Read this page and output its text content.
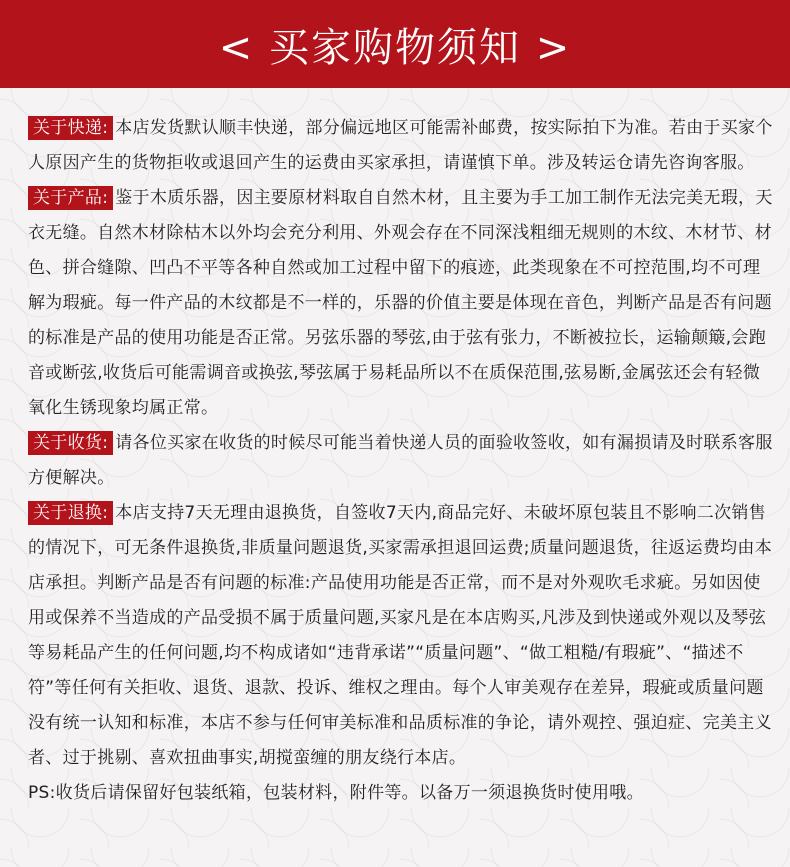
< 买家购物须知 >

关于快递: 本店发货默认顺丰快递，部分偏远地区可能需补邮费，按实际拍下为准。若由于买家个人原因产生的货物拒收或退回产生的运费由买家承担，请谨慎下单。涉及转运仓请先咨询客服。

关于产品: 鉴于木质乐器，因主要原材料取自自然木材，且主要为手工加工制作无法完美无瑕，天衣无缝。自然木材除枯木以外均会充分利用、外观会存在不同深浅粗细无规则的木纹、木材节、材色、拼合缝隙、凹凸不平等各种自然或加工过程中留下的痕迹，此类现象在不可控范围,均不可理解为瑕疵。每一件产品的木纹都是不一样的，乐器的价值主要是体现在音色，判断产品是否有问题的标准是产品的使用功能是否正常。另弦乐器的琴弦,由于弦有张力，不断被拉长，运输颠簸,会跑音或断弦,收货后可能需调音或换弦,琴弦属于易耗品所以不在质保范围,弦易断,金属弦还会有轻微氧化生锈现象均属正常。

关于收货: 请各位买家在收货的时候尽可能当着快递人员的面验收签收，如有漏损请及时联系客服方便解决。

关于退换: 本店支持7天无理由退换货，自签收7天内,商品完好、未破坏原包装且不影响二次销售的情况下，可无条件退换货,非质量问题退货,买家需承担退回运费;质量问题退货，往返运费均由本店承担。判断产品是否有问题的标准:产品使用功能是否正常，而不是对外观吹毛求疵。另如因使用或保养不当造成的产品受损不属于质量问题,买家凡是在本店购买,凡涉及到快递或外观以及琴弦等易耗品产生的任何问题,均不构成诸如“违背承诺”“质量问题”、“做工粗糙/有瑕疵”、“描述不符”等任何有关拒收、退货、退款、投诉、维权之理由。每个人审美观存在差异，瑕疵或质量问题没有统一认知和标准，本店不参与任何审美标准和品质标准的争论，请外观控、强迫症、完美主义者、过于挑剔、喜欢扭曲事实,胡搅蛮缠的朋友绕行本店。

PS:收货后请保留好包装纸箱，包装材料，附件等。以备万一须退换货时使用哦。
